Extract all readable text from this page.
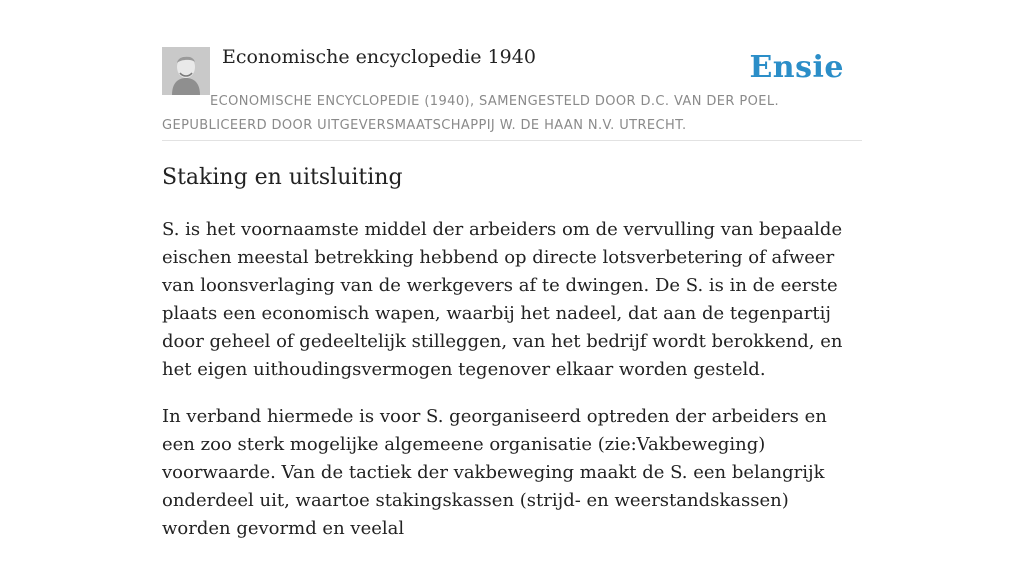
Economische encyclopedie 1940	Ensie
ECONOMISCHE ENCYCLOPEDIE (1940), SAMENGESTELD DOOR D.C. VAN DER POEL. GEPUBLICEERD DOOR UITGEVERSMAATSCHAPPIJ W. DE HAAN N.V. UTRECHT.
Staking en uitsluiting

S. is het voornaamste middel der arbeiders om de vervulling van bepaalde eischen meestal betrekking hebbend op directe lotsverbetering of afweer van loonsverlaging van de werkgevers af te dwingen. De S. is in de eerste plaats een economisch wapen, waarbij het nadeel, dat aan de tegenpartij door geheel of gedeeltelijk stilleggen, van het bedrijf wordt berokkend, en het eigen uithoudingsvermogen tegenover elkaar worden gesteld.

In verband hiermede is voor S. georganiseerd optreden der arbeiders en een zoo sterk mogelijke algemeene organisatie (zie:Vakbeweging) voorwaarde. Van de tactiek der vakbeweging maakt de S. een belangrijk onderdeel uit, waartoe stakingskassen (strijd- en weerstandskassen) worden gevormd en veelal
